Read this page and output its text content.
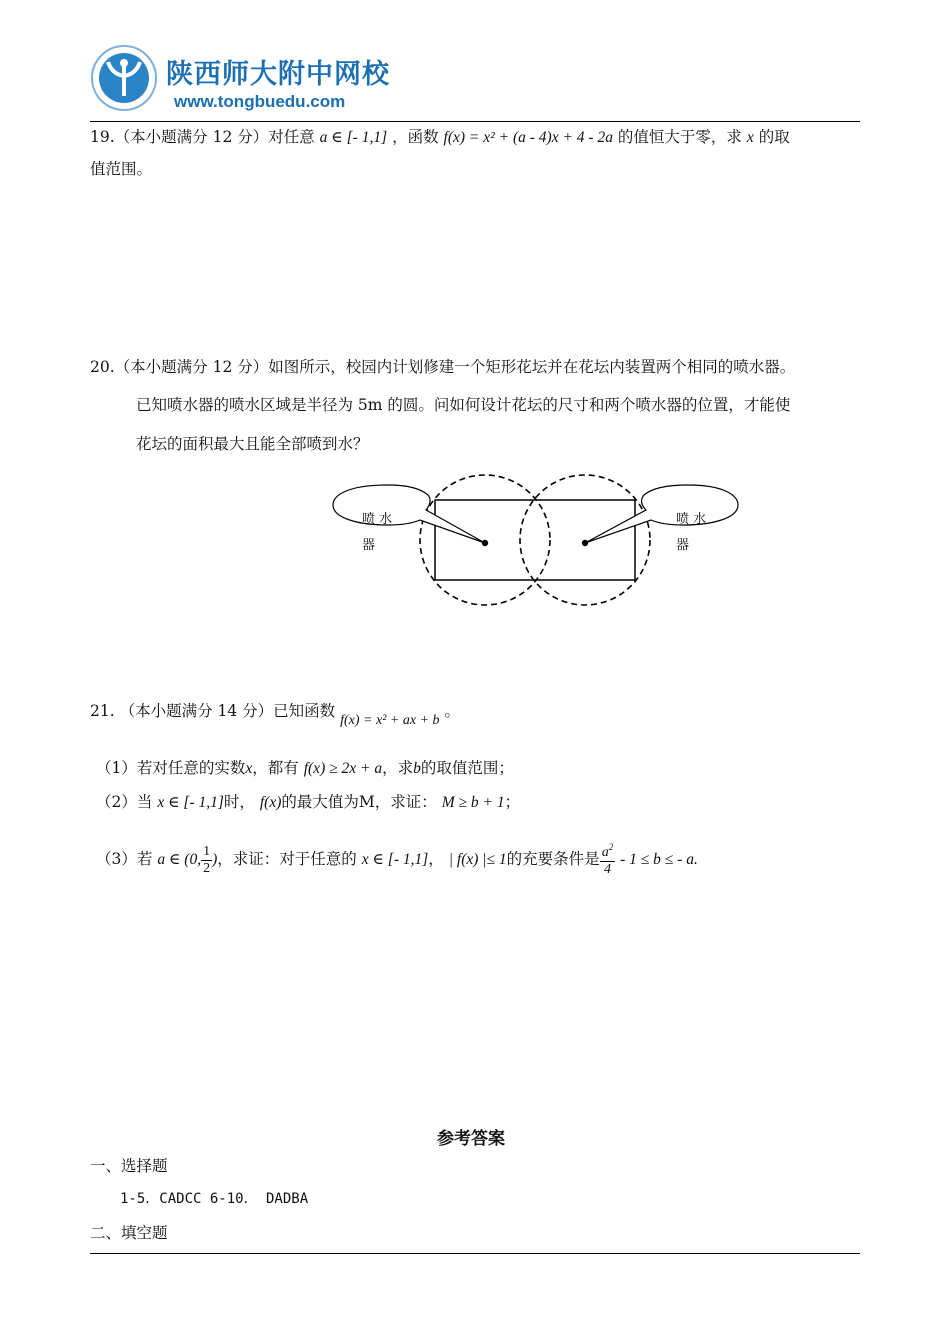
陕西师大附中网校
www.tongbuedu.com
19.（本小题满分 12 分）对任意 a ∈ [- 1,1] ，函数 f(x) = x² + (a - 4)x + 4 - 2a 的值恒大于零，求 x 的取
值范围。
20.（本小题满分 12 分）如图所示，校园内计划修建一个矩形花坛并在花坛内装置两个相同的喷水器。
已知喷水器的喷水区域是半径为 5m 的圆。问如何设计花坛的尺寸和两个喷水器的位置，才能使
花坛的面积最大且能全部喷到水？
喷 水
器
喷 水
器
21. （本小题满分 14 分）已知函数 f(x) = x² + ax + b 。
（1）若对任意的实数x，都有 f(x) ≥ 2x + a，求b的取值范围；
（2）当 x ∈ [- 1,1]时， f(x)的最大值为M，求证： M ≥ b + 1；
（3）若 a ∈ (0, $\frac{1}{2}$ )，求证：对于任意的 x ∈ [- 1,1]， | f(x) |≤ 1的充要条件是 $\frac{a^2}{4} - 1 \le b$ ≤ - a.
参考答案
一、选择题
1-5．CADCC 6-10． DADBA
二、填空题
